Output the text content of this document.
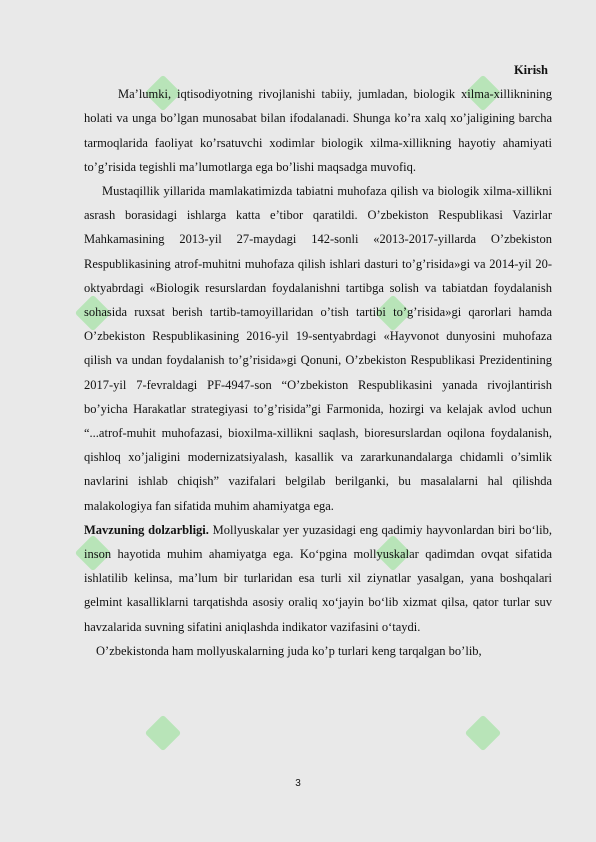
Kirish

Ma’lumki, iqtisodiyotning rivojlanishi tabiiy, jumladan, biologik xilma-xilliknining holati va unga bo’lgan munosabat bilan ifodalanadi. Shunga ko’ra xalq xo’jaligining barcha tarmoqlarida faoliyat ko’rsatuvchi xodimlar biologik xilma-xillikning hayotiy ahamiyati to’g’risida tegishli ma’lumotlarga ega bo’lishi maqsadga muvofiq.

Mustaqillik yillarida mamlakatimizda tabiatni muhofaza qilish va biologik xilma-xillikni asrash borasidagi ishlarga katta e’tibor qaratildi. O’zbekiston Respublikasi Vazirlar Mahkamasining 2013-yil 27-maydagi 142-sonli «2013-2017-yillarda O’zbekiston Respublikasining atrof-muhitni muhofaza qilish ishlari dasturi to’g’risida»gi va 2014-yil 20-oktyabrdagi «Biologik resurslardan foydalanishni tartibga solish va tabiatdan foydalanish sohasida ruxsat berish tartib-tamoyillaridan o’tish tartibi to’g’risida»gi qarorlari hamda O’zbekiston Respublikasining 2016-yil 19-sentyabrdagi «Hayvonot dunyosini muhofaza qilish va undan foydalanish to’g’risida»gi Qonuni, O’zbekiston Respublikasi Prezidentining 2017-yil 7-fevraldagi PF-4947-son “O’zbekiston Respublikasini yanada rivojlantirish bo’yicha Harakatlar strategiyasi to’g’risida”gi Farmonida, hozirgi va kelajak avlod uchun “...atrof-muhit muhofazasi, bioxilma-xillikni saqlash, bioresurslardan oqilona foydalanish, qishloq xo’jaligini modernizatsiyalash, kasallik va zararkunandalarga chidamli o’simlik navlarini ishlab chiqish” vazifalari belgilab berilganki, bu masalalarni hal qilishda malakologiya fan sifatida muhim ahamiyatga ega.

Mavzuning dolzarbligi. Mollyuskalar yer yuzasidagi eng qadimiy hayvonlardan biri bo‘lib, inson hayotida muhim ahamiyatga ega. Ko‘pgina mollyuskalar qadimdan ovqat sifatida ishlatilib kelinsa, ma’lum bir turlaridan esa turli xil ziynatlar yasalgan, yana boshqalari gelmint kasalliklarni tarqatishda asosiy oraliq xo‘jayin bo‘lib xizmat qilsa, qator turlar suv havzalarida suvning sifatini aniqlashda indikator vazifasini o‘taydi.

O’zbekistonda ham mollyuskalarning juda ko’p turlari keng tarqalgan bo’lib,

3
